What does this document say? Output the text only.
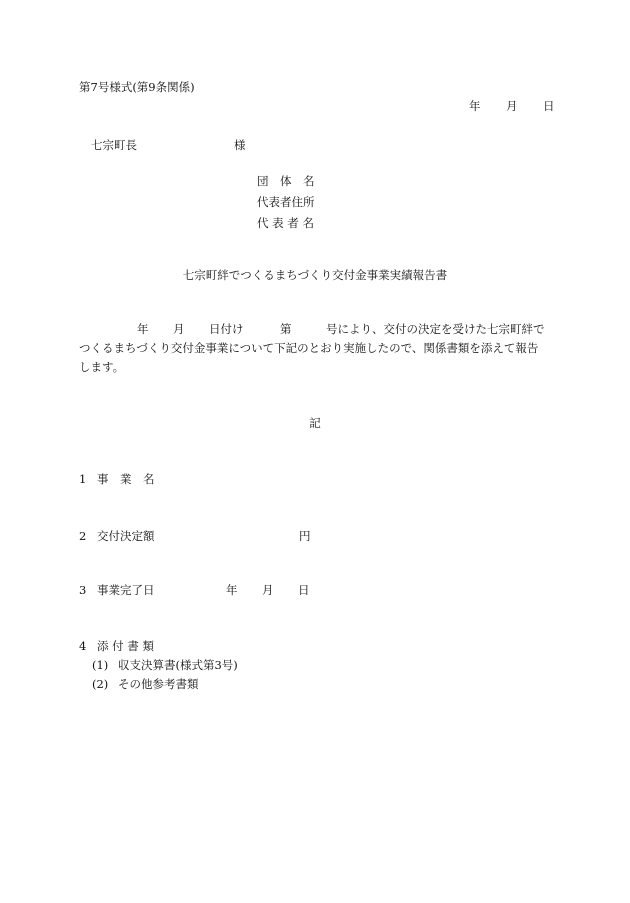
第7号様式(第9条関係)
年 月 日
七宗町長	様
団　体　名
代表者住所
代 表 者 名
七宗町絆でつくるまちづくり交付金事業実績報告書
年 月 日付け	第	号により、交付の決定を受けた七宗町絆で
つくるまちづくり交付金事業について下記のとおり実施したので、関係書類を添えて報告
します。
記
1 事　業　名
2 交付決定額	円
3 事業完了日	年 月 日
4 添 付 書 類
(1) 収支決算書(様式第3号)
(2) その他参考書類
